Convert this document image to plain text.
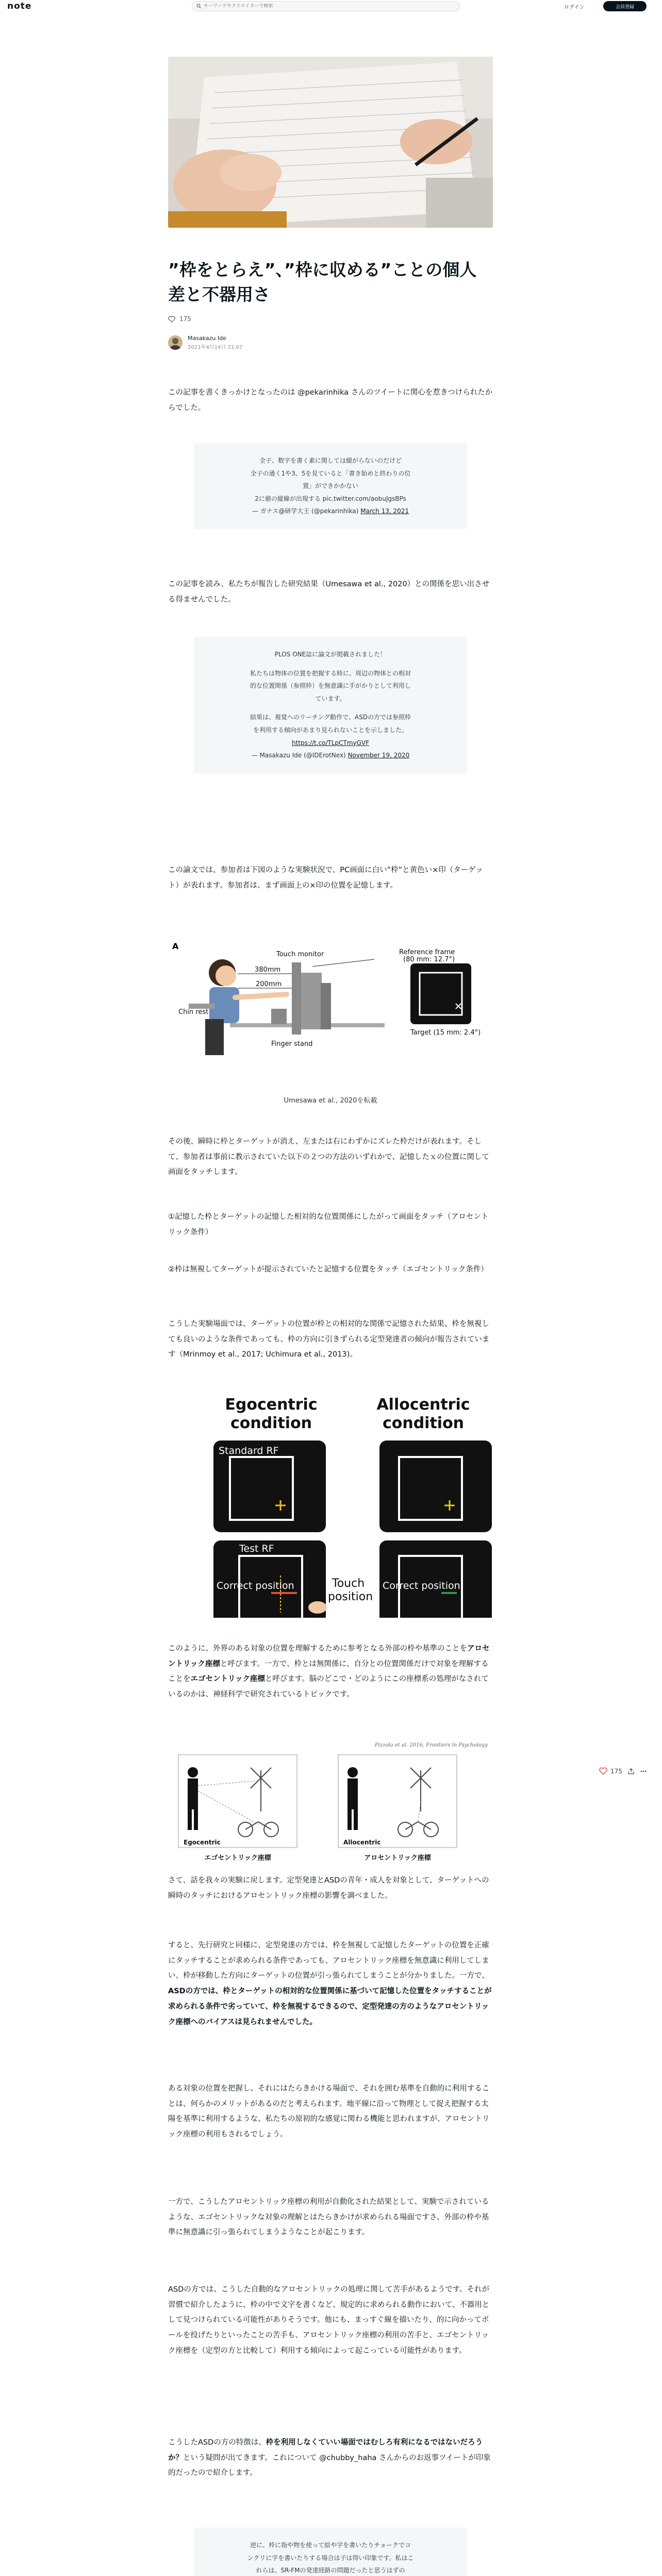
note
キーワードやクリエイターで検索	ログイン	会員登録
”枠をとらえ”、”枠に収める”ことの個人差と不器用さ
175
Masakazu Ide
2021年4月14日 21:07
この記事を書くきっかけとなったのは @pekarinhika さんのツイートに関心を惹きつけられたからでした。
全子、数字を書く素に関しては綴がらないのだけど
全子の通く1や3、5を見ていると「書き始めと終わりの位
置」ができかかない
2に値の縦線が出現する pic.twitter.com/aobuJgsBPs
— ガナス@研学大王 (@pekarinhika) March 13, 2021
この記事を読み、私たちが報告した研究結果（Umesawa et al., 2020）との関係を思い出させる得ませんでした。
PLOS ONE誌に論文が掲載されました！
私たちは物体の位置を把握する時に、周辺の物体との相対
的な位置関係（参照枠）を無意識に手がかりとして利用し
ています。
結果は、視覚へのリーチング動作で、ASDの方では参照枠
を利用する傾向があまり見られないことを示しました。
https://t.co/TLpCTmyGVF
— Masakazu Ide (@IDErotNex) November 19, 2020
この論文では、参加者は下図のような実験状況で、PC画面に白い”枠”と黄色い×印（ターゲット）が表れます。参加者は、まず画面上の×印の位置を記憶します。
A
Touch monitor	Reference frame
(80 mm: 12.7°)
380mm
200mm
Chin rest
Target (15 mm: 2.4°)
Finger stand
Umesawa et al., 2020を転載
その後、瞬時に枠とターゲットが消え、左または右にわずかにズレた枠だけが表れます。そして、参加者は事前に教示されていた以下の２つの方法のいずれかで、記憶したｘの位置に関して画面をタッチします。
①記憶した枠とターゲットの記憶した相対的な位置関係にしたがって画面をタッチ（アロセントリック条件）
②枠は無視してターゲットが提示されていたと記憶する位置をタッチ（エゴセントリック条件）
こうした実験場面では、ターゲットの位置が枠との相対的な関係で記憶された結果、枠を無視しても良いのような条件であっても、枠の方向に引きずられる定型発達者の傾向が報告されています（Mrinmoy et al., 2017; Uchimura et al., 2013)。
Egocentric
condition
Allocentric
condition
Standard RF
Test RF
Correct position	Correct position
Touch
position
このように、外界のある対象の位置を理解するために参考となる外部の枠や基準のことをアロセントリック座標と呼びます。一方で、枠とは無関係に、自分との位置関係だけで対象を理解することをエゴセントリック座標と呼びます。脳のどこで・どのようにこの座標系の処理がなされているのかは、神経科学で研究されているトピックです。
Pizzolo et al. 2016, Frontiers in Psychology
Egocentric	Allocentric
エゴセントリック座標	アロセントリック座標
さて、話を我々の実験に戻します。定型発達とASDの青年・成人を対象として、ターゲットへの瞬時のタッチにおけるアロセントリック座標の影響を調べました。
すると、先行研究と同様に、定型発達の方では、枠を無視して記憶したターゲットの位置を正確にタッチすることが求められる条件であっても、アロセントリック座標を無意識に利用してしまい、枠が移動した方向にターゲットの位置が引っ張られてしまうことが分かりました。一方で、ASDの方では、枠とターゲットの相対的な位置関係に基づいて記憶した位置をタッチすることが求められる条件で劣っていて、枠を無視するできるので、定型発達の方のようなアロセントリック座標へのバイアスは見られませんでした。
ある対象の位置を把握し、それにはたらきかける場面で、それを囲む基準を自動的に利用することは、何らかのメリットがあるのだと考えられます。地平線に沿って物理として捉え把握する太陽を基準に利用するような、私たちの原初的な感覚に関わる機能と思われますが、アロセントリック座標の利用もされるでしょう。
一方で、こうしたアロセントリック座標の利用が自動化された結果として、実験で示されているような、エゴセントリックな対象の理解とはたらきかけが求められる場面ですさ、外部の枠や基準に無意識に引っ張られてしまうようなことが起こります。
ASDの方では、こうした自動的なアロセントリックの処理に関して苦手があるようです。それが習慣で紹介したように、枠の中で文字を書くなど、規定的に求められる動作において、不器用として見つけられている可能性がありそうです。他にも、まっすぐ線を描いたり、的に向かってボールを投げたりといったことの苦手も、アロセントリック座標の利用の苦手と、エゴセントリック座標を（定型の方と比較して）利用する傾向によって起こっている可能性があります。
こうしたASDの方の特徴は、枠を利用しなくていい場面ではむしろ有利になるではないだろうか？という疑問が出てきます。これについて @chubby_haha さんからのお返事ツイートが印象的だったので紹介します。
逆に、枠に指や物を使って絵や字を書いたりチョークでコ
ンクリに字を書いたりする場合は子は得い印象です。私はこ
れらは、SR-FMの発達経路の問題だったと思うはずの
175
